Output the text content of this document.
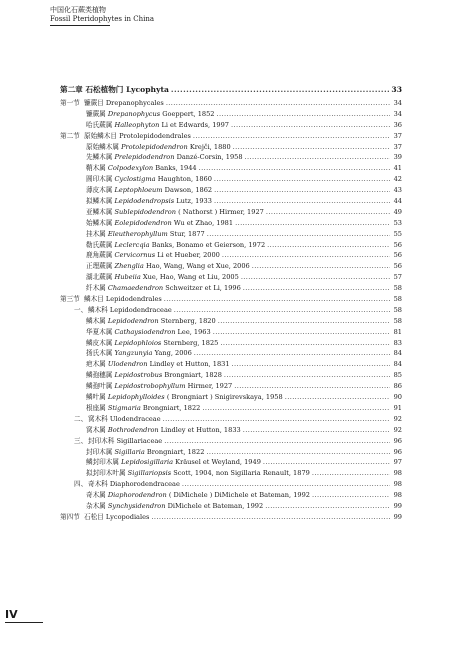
中国化石蕨类植物
Fossil Pteridophytes in China
第二章 石松植物门 Lycophyta .....	33
第一节 镰蕨目 Drepanophycales .....	34
镰蕨属 Drepanophycus Goeppert, 1852 .....	34
哈氏蕨属 Halleophyton Li et Edwards, 1997 .....	36
第二节 原始鳞木目 Protolepidodendrales .....	37
原始鳞木属 Protolepidodendron Krejči, 1880 .....	37
先鳞木属 Prelepidodendron Danzé-Corsin, 1958 .....	39
鞘木属 Colpodexylon Banks, 1944 .....	41
圆印木属 Cyclostigma Haughton, 1860 .....	42
薄皮木属 Leptophloeum Dawson, 1862 .....	43
拟鳞木属 Lepidodendropsis Lutz, 1933 .....	44
亚鳞木属 Sublepidodendron ( Nathorst ) Hirmer, 1927 .....	49
始鳞木属 Eolepidodendron Wu et Zhao, 1981 .....	53
挂木属 Eleutherophyllum Stur, 1877 .....	55
勒氏蕨属 Leclercqia Banks, Bonamo et Geierson, 1972 .....	56
鹿角蕨属 Cervicornus Li et Hueber, 2000 .....	56
正理蕨属 Zhenglia Hao, Wang, Wang et Xue, 2006 .....	56
湖北蕨属 Hubeiia Xue, Hao, Wang et Liu, 2005 .....	57
纤木属 Chamaedendron Schweitzer et Li, 1996 .....	58
第三节 鳞木目 Lepidodendrales .....	58
一、鳞木科 Lepidodendraceae .....	58
鳞木属 Lepidodendron Sternberg, 1820 .....	58
华夏木属 Cathaysiodendron Lee, 1963 .....	81
鳞皮木属 Lepidophloios Sternberg, 1825 .....	83
扬氏木属 Yangzunyia Yang, 2006 .....	84
疤木属 Ulodendron Lindley et Hutton, 1831 .....	84
鳞孢穗属 Lepidostrobus Brongniart, 1828 .....	85
鳞孢叶属 Lepidostrobophyllum Hirmer, 1927 .....	86
鳞叶属 Lepidophylloides ( Brongniart ) Snigirevskaya, 1958 .....	90
根座属 Stigmaria Brongniart, 1822 .....	91
二、窝木科 Ulodendraceae .....	92
窝木属 Bothrodendron Lindley et Hutton, 1833 .....	92
三、封印木科 Sigillariaceae .....	96
封印木属 Sigillaria Brongniart, 1822 .....	96
鳞封印木属 Lepidosigillaria Kräusel et Weyland, 1949 .....	97
拟封印木叶属 Sigillariopsis Scott, 1904, non Sigillaria Renault, 1879 .....	98
四、奇木科 Diaphorodendraceae .....	98
奇木属 Diaphorodendron ( DiMichele ) DiMichele et Bateman, 1992 .....	98
杂木属 Synchysidendron DiMichele et Bateman, 1992 .....	99
第四节 石松目 Lycopodiales .....	99
IV
